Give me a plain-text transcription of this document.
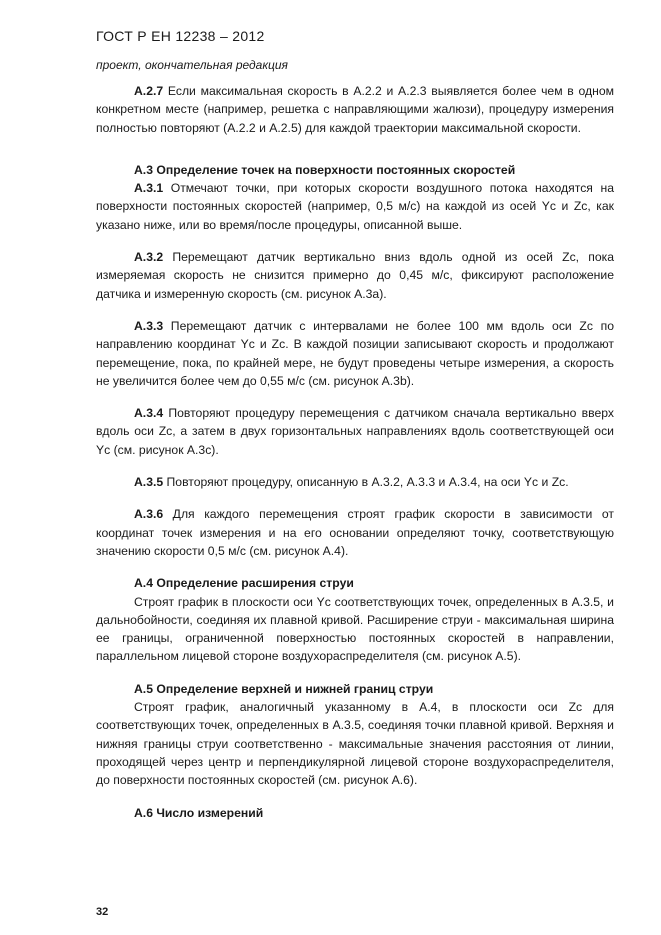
ГОСТ Р ЕН 12238 – 2012
проект, окончательная редакция

А.2.7 Если максимальная скорость в А.2.2 и А.2.3 выявляется более чем в одном конкретном месте (например, решетка с направляющими жалюзи), процедуру измерения полностью повторяют (А.2.2 и А.2.5) для каждой траектории максимальной скорости.

А.3 Определение точек на поверхности постоянных скоростей

А.3.1 Отмечают точки, при которых скорости воздушного потока находятся на поверхности постоянных скоростей (например, 0,5 м/с) на каждой из осей Yc и Zc, как указано ниже, или во время/после процедуры, описанной выше.

А.3.2 Перемещают датчик вертикально вниз вдоль одной из осей Zc, пока измеряемая скорость не снизится примерно до 0,45 м/с, фиксируют расположение датчика и измеренную скорость (см. рисунок А.3а).

А.3.3 Перемещают датчик с интервалами не более 100 мм вдоль оси Zc по направлению координат Yc и Zc. В каждой позиции записывают скорость и продолжают перемещение, пока, по крайней мере, не будут проведены четыре измерения, а скорость не увеличится более чем до 0,55 м/с (см. рисунок А.3b).

А.3.4 Повторяют процедуру перемещения с датчиком сначала вертикально вверх вдоль оси Zc, а затем в двух горизонтальных направлениях вдоль соответствующей оси Yc (см. рисунок А.3с).

А.3.5 Повторяют процедуру, описанную в А.3.2, А.3.3 и А.3.4, на оси Yc и Zc.

А.3.6 Для каждого перемещения строят график скорости в зависимости от координат точек измерения и на его основании определяют точку, соответствующую значению скорости 0,5 м/с (см. рисунок А.4).

А.4 Определение расширения струи

Строят график в плоскости оси Yc соответствующих точек, определенных в А.3.5, и дальнобойности, соединяя их плавной кривой. Расширение струи - максимальная ширина ее границы, ограниченной поверхностью постоянных скоростей в направлении, параллельном лицевой стороне воздухораспределителя (см. рисунок А.5).

А.5 Определение верхней и нижней границ струи

Строят график, аналогичный указанному в А.4, в плоскости оси Zc для соответствующих точек, определенных в А.3.5, соединяя точки плавной кривой. Верхняя и нижняя границы струи соответственно - максимальные значения расстояния от линии, проходящей через центр и перпендикулярной лицевой стороне воздухораспределителя, до поверхности постоянных скоростей (см. рисунок А.6).

А.6 Число измерений

32
